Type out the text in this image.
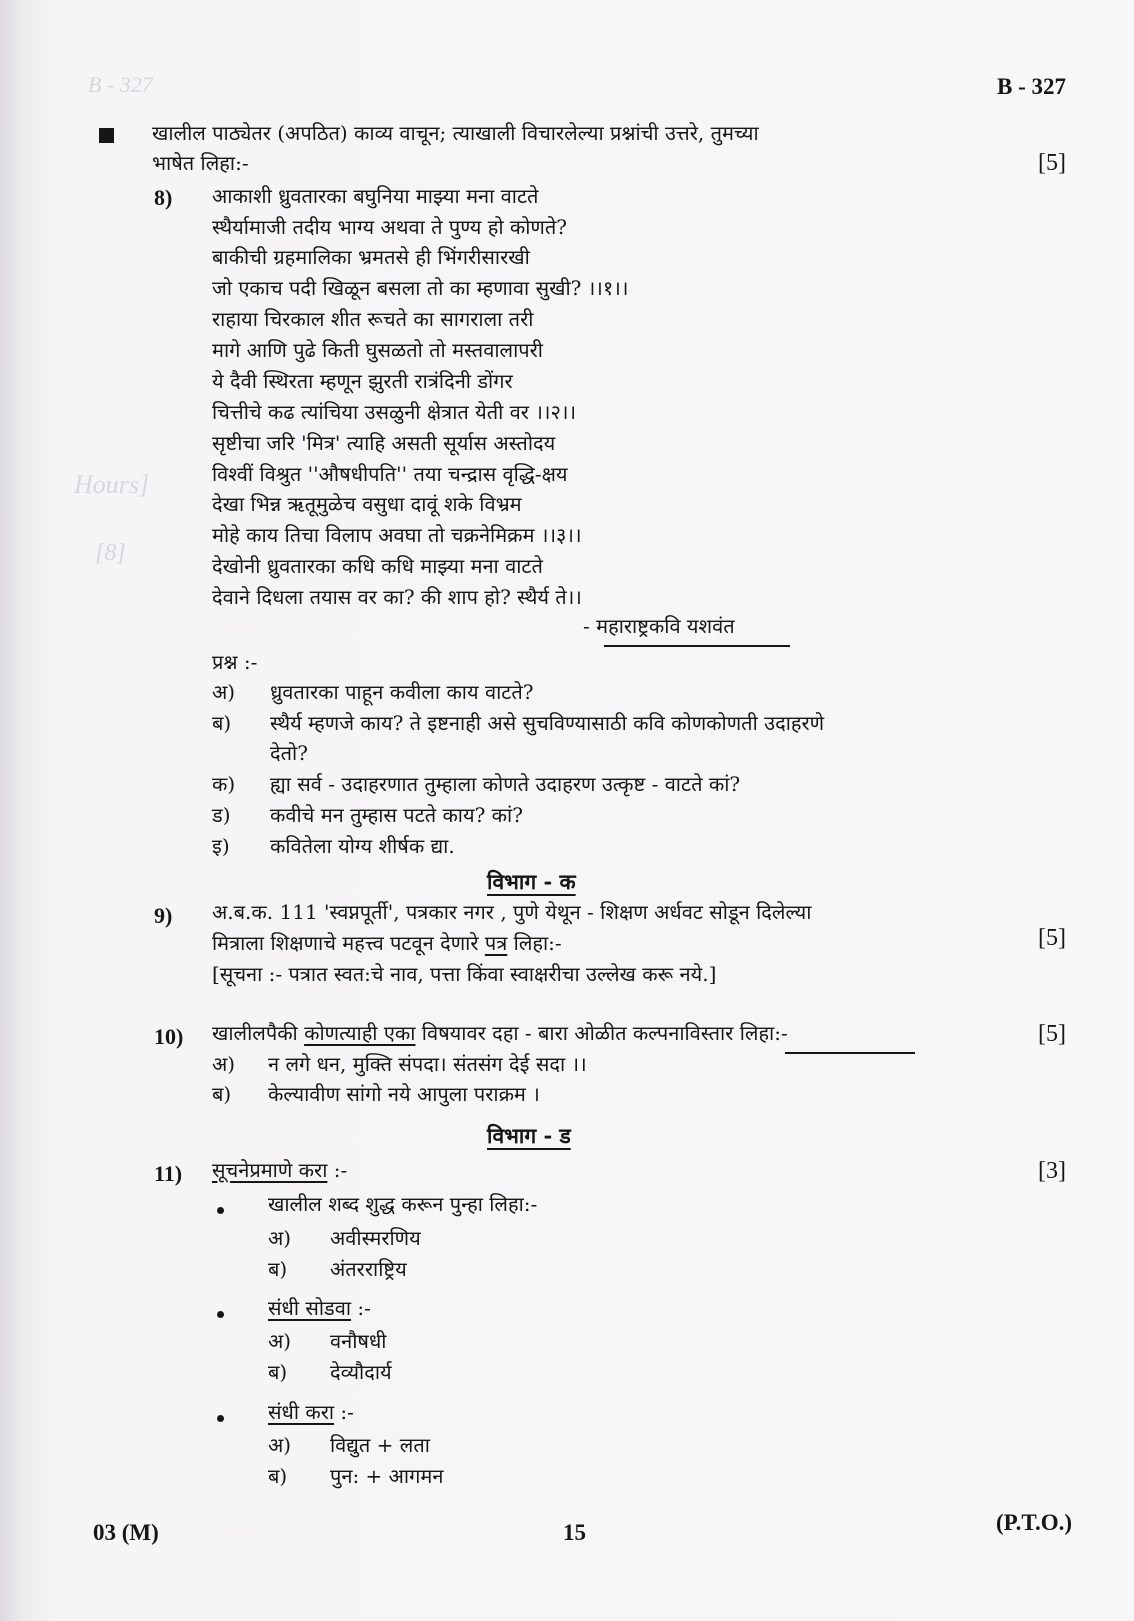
B - 327
[8]
Hours]
B - 327
खालील पाठ्येतर (अपठित) काव्य वाचून; त्याखाली विचारलेल्या प्रश्नांची उत्तरे, तुमच्या
भाषेत लिहा:-	[5]
8) आकाशी ध्रुवतारका बघुनिया माझ्या मना वाटते
स्थैर्यामाजी तदीय भाग्य अथवा ते पुण्य हो कोणते?
बाकीची ग्रहमालिका भ्रमतसे ही भिंगरीसारखी
जो एकाच पदी खिळून बसला तो का म्हणावा सुखी? ।।१।।
राहाया चिरकाल शीत रूचते का सागराला तरी
मागे आणि पुढे किती घुसळतो तो मस्तवालापरी
ये दैवी स्थिरता म्हणून झुरती रात्रंदिनी डोंगर
चित्तीचे कढ त्यांचिया उसळुनी क्षेत्रात येती वर ।।२।।
सृष्टीचा जरि 'मित्र' त्याहि असती सूर्यास अस्तोदय
विश्वीं विश्रुत ''औषधीपति'' तया चन्द्रास वृद्धि-क्षय
देखा भिन्न ऋतूमुळेच वसुधा दावूं शके विभ्रम
मोहे काय तिचा विलाप अवघा तो चक्रनेमिक्रम ।।३।।
देखोनी ध्रुवतारका कधि कधि माझ्या मना वाटते
देवाने दिधला तयास वर का? की शाप हो? स्थैर्य ते।।
- महाराष्ट्रकवि यशवंत
प्रश्न :-
अ) ध्रुवतारका पाहून कवीला काय वाटते?
ब) स्थैर्य म्हणजे काय? ते इष्टनाही असे सुचविण्यासाठी कवि कोणकोणती उदाहरणे
देतो?
क) ह्या सर्व - उदाहरणात तुम्हाला कोणते उदाहरण उत्कृष्ट - वाटते कां?
ड) कवीचे मन तुम्हास पटते काय? कां?
इ) कवितेला योग्य शीर्षक द्या.
विभाग - क
9) अ.ब.क. 111 'स्वप्नपूर्ती', पत्रकार नगर , पुणे येथून - शिक्षण अर्धवट सोडून दिलेल्या
मित्राला शिक्षणाचे महत्त्व पटवून देणारे पत्र लिहा:-	[5]
[सूचना :- पत्रात स्वत:चे नाव, पत्ता किंवा स्वाक्षरीचा उल्लेख करू नये.]
10) खालीलपैकी कोणत्याही एका विषयावर दहा - बारा ओळीत कल्पनाविस्तार लिहा:-	[5]
अ) न लगे धन, मुक्ति संपदा। संतसंग देई सदा ।।
ब) केल्यावीण सांगो नये आपुला पराक्रम ।
विभाग - ड
11) सूचनेप्रमाणे करा :-	[3]
खालील शब्द शुद्ध करून पुन्हा लिहा:-
अ) अवीस्मरणिय
ब) अंतरराष्ट्रिय
संधी सोडवा :-
अ) वनौषधी
ब) देव्यौदार्य
संधी करा :-
अ) विद्युत + लता
ब) पुन: + आगमन
03 (M)	15	(P.T.O.)
